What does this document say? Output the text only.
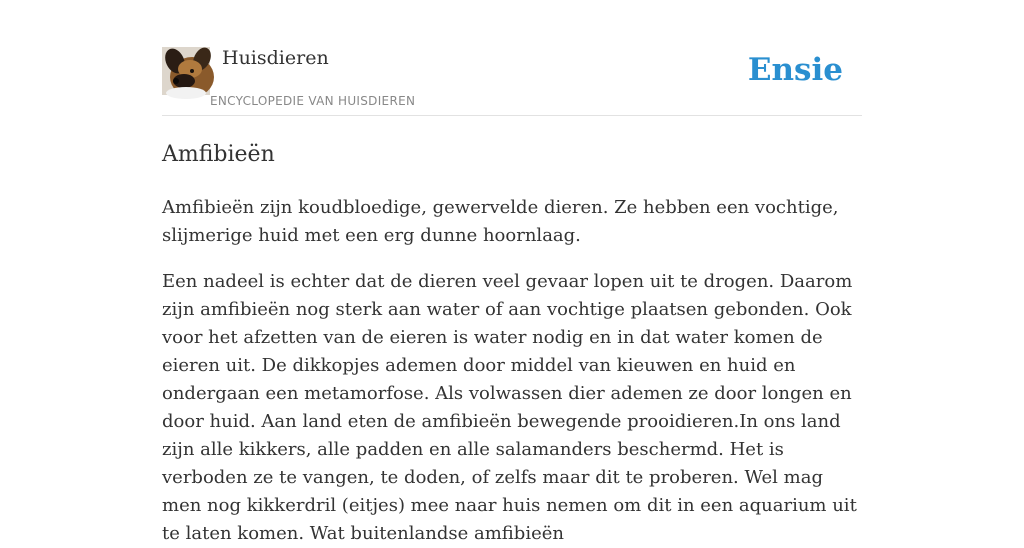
Huisdieren
ENCYCLOPEDIE VAN HUISDIEREN
Ensie
Amfibieën

Amfibieën zijn koudbloedige, gewervelde dieren. Ze hebben een vochtige, slijmerige huid met een erg dunne hoornlaag.

Een nadeel is echter dat de dieren veel gevaar lopen uit te drogen. Daarom zijn amfibieën nog sterk aan water of aan vochtige plaatsen gebonden. Ook voor het afzetten van de eieren is water nodig en in dat water komen de eieren uit. De dikkopjes ademen door middel van kieuwen en huid en ondergaan een metamorfose. Als volwassen dier ademen ze door longen en door huid. Aan land eten de amfibieën bewegende prooidieren.In ons land zijn alle kikkers, alle padden en alle salamanders beschermd. Het is verboden ze te vangen, te doden, of zelfs maar dit te proberen. Wel mag men nog kikkerdril (eitjes) mee naar huis nemen om dit in een aquarium uit te laten komen. Wat buitenlandse amfibieën
